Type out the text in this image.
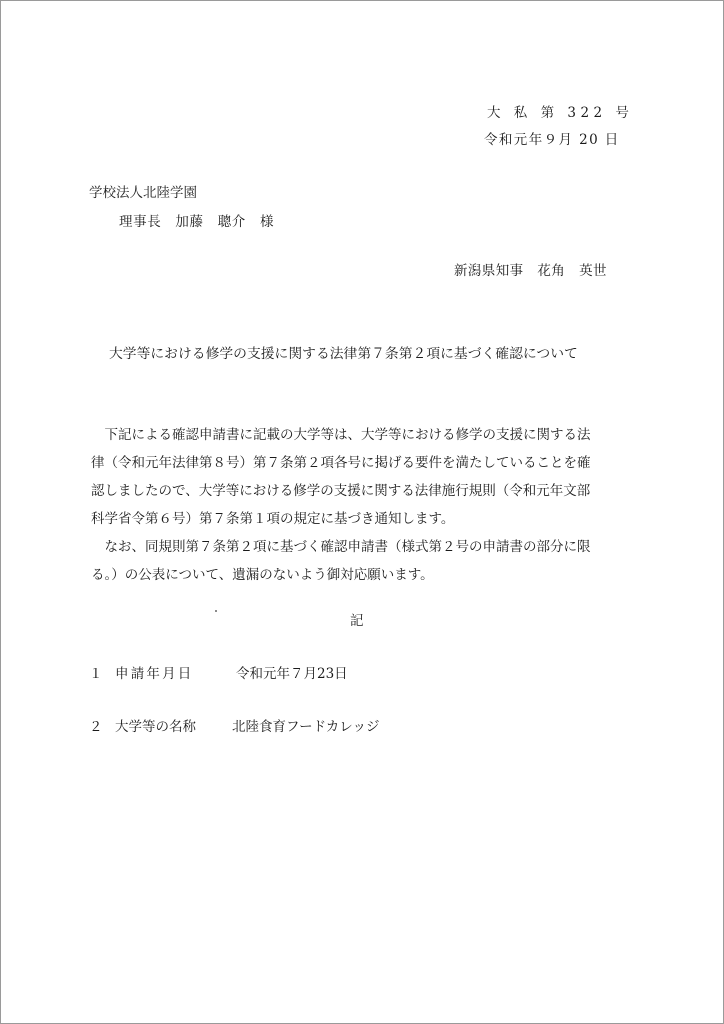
大 私 第 322 号
令和元年９月 20 日
学校法人北陸学園
理事長　加藤　聰介　様
新潟県知事　花角　英世
大学等における修学の支援に関する法律第７条第２項に基づく確認について
　下記による確認申請書に記載の大学等は、大学等における修学の支援に関する法
律（令和元年法律第８号）第７条第２項各号に掲げる要件を満たしていることを確
認しましたので、大学等における修学の支援に関する法律施行規則（令和元年文部
科学省令第６号）第７条第１項の規定に基づき通知します。
　なお、同規則第７条第２項に基づく確認申請書（様式第２号の申請書の部分に限
る。）の公表について、遺漏のないよう御対応願います。
記
１ 申請年月日	令和元年７月23日
２ 大学等の名称	北陸食育フードカレッジ
